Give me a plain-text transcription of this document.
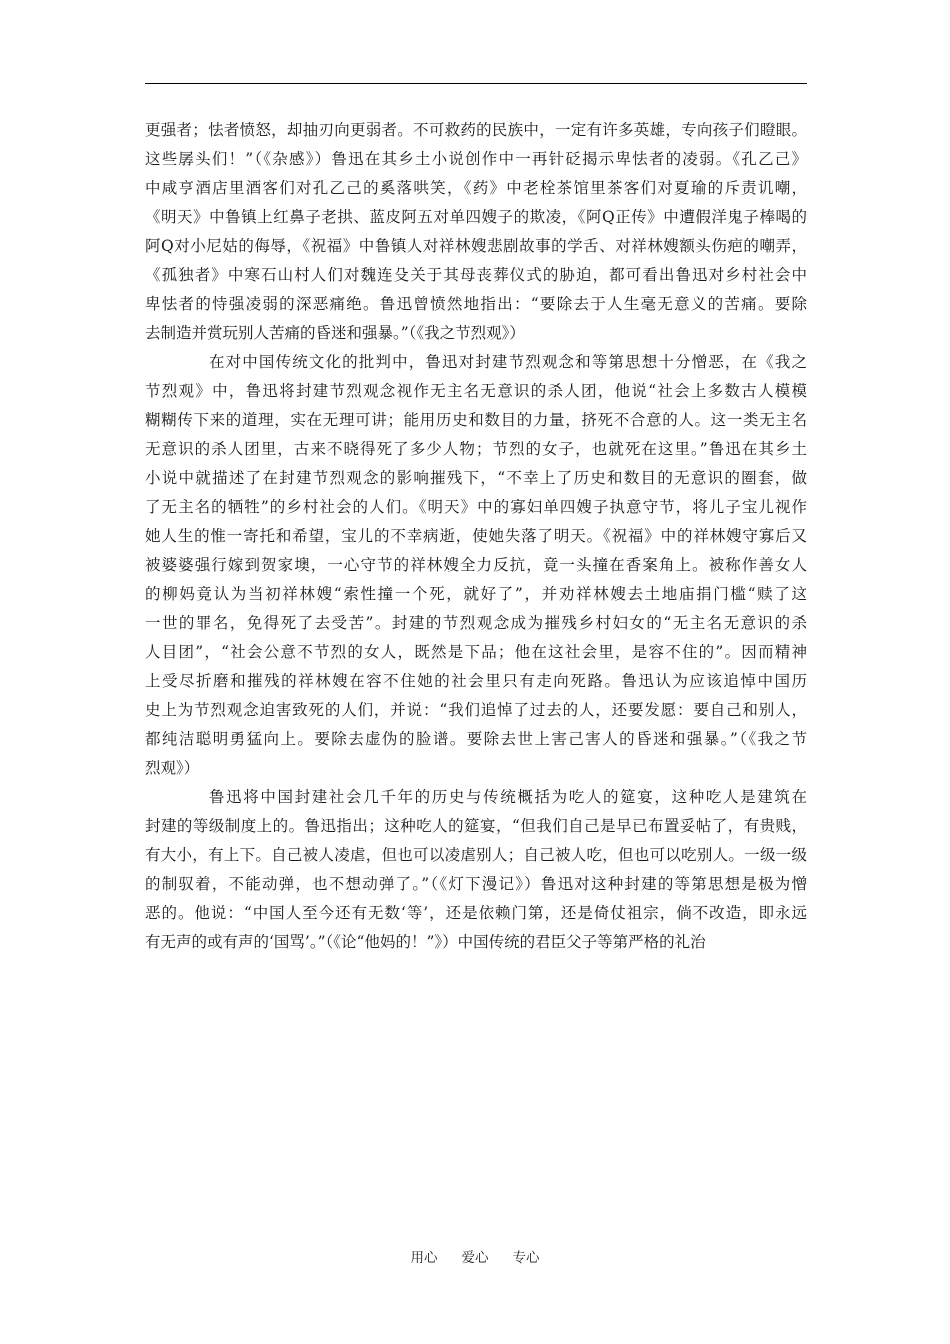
更强者；怯者愤怒，却抽刃向更弱者。不可救药的民族中，一定有许多英雄，专向孩子们瞪眼。
这些孱头们！”（《杂感》）鲁迅在其乡土小说创作中一再针砭揭示卑怯者的凌弱。《孔乙己》
中咸亨酒店里酒客们对孔乙己的奚落哄笑，《药》中老栓茶馆里茶客们对夏瑜的斥责讥嘲，
《明天》中鲁镇上红鼻子老拱、蓝皮阿五对单四嫂子的欺凌，《阿Q正传》中遭假洋鬼子棒喝的
阿Q对小尼姑的侮辱，《祝福》中鲁镇人对祥林嫂悲剧故事的学舌、对祥林嫂额头伤疤的嘲弄，
《孤独者》中寒石山村人们对魏连殳关于其母丧葬仪式的胁迫，都可看出鲁迅对乡村社会中
卑怯者的恃强凌弱的深恶痛绝。鲁迅曾愤然地指出：“要除去于人生毫无意义的苦痛。要除
去制造并赏玩别人苦痛的昏迷和强暴。”（《我之节烈观》）
在对中国传统文化的批判中，鲁迅对封建节烈观念和等第思想十分憎恶，在《我之
节烈观》中，鲁迅将封建节烈观念视作无主名无意识的杀人团，他说“社会上多数古人模模
糊糊传下来的道理，实在无理可讲；能用历史和数目的力量，挤死不合意的人。这一类无主名
无意识的杀人团里，古来不晓得死了多少人物；节烈的女子，也就死在这里。”鲁迅在其乡土
小说中就描述了在封建节烈观念的影响摧残下，“不幸上了历史和数目的无意识的圈套，做
了无主名的牺牲”的乡村社会的人们。《明天》中的寡妇单四嫂子执意守节，将儿子宝儿视作
她人生的惟一寄托和希望，宝儿的不幸病逝，使她失落了明天。《祝福》中的祥林嫂守寡后又
被婆婆强行嫁到贺家墺，一心守节的祥林嫂全力反抗，竟一头撞在香案角上。被称作善女人
的柳妈竟认为当初祥林嫂“索性撞一个死，就好了”，并劝祥林嫂去土地庙捐门槛“赎了这
一世的罪名，免得死了去受苦”。封建的节烈观念成为摧残乡村妇女的“无主名无意识的杀
人目团”，“社会公意不节烈的女人，既然是下品；他在这社会里，是容不住的”。因而精神
上受尽折磨和摧残的祥林嫂在容不住她的社会里只有走向死路。鲁迅认为应该追悼中国历
史上为节烈观念迫害致死的人们，并说：“我们追悼了过去的人，还要发愿：要自己和别人，
都纯洁聪明勇猛向上。要除去虚伪的脸谱。要除去世上害己害人的昏迷和强暴。”（《我之节
烈观》）
鲁迅将中国封建社会几千年的历史与传统概括为吃人的筵宴，这种吃人是建筑在
封建的等级制度上的。鲁迅指出；这种吃人的筵宴，“但我们自己是早已布置妥帖了，有贵贱，
有大小，有上下。自己被人凌虐，但也可以凌虐别人；自己被人吃，但也可以吃别人。一级一级
的制驭着，不能动弹，也不想动弹了。”（《灯下漫记》）鲁迅对这种封建的等第思想是极为憎
恶的。他说：“中国人至今还有无数‘等’，还是依赖门第，还是倚仗祖宗，倘不改造，即永远
有无声的或有声的‘国骂’。”（《论“他妈的！”》）中国传统的君臣父子等第严格的礼治
用心 爱心 专心
